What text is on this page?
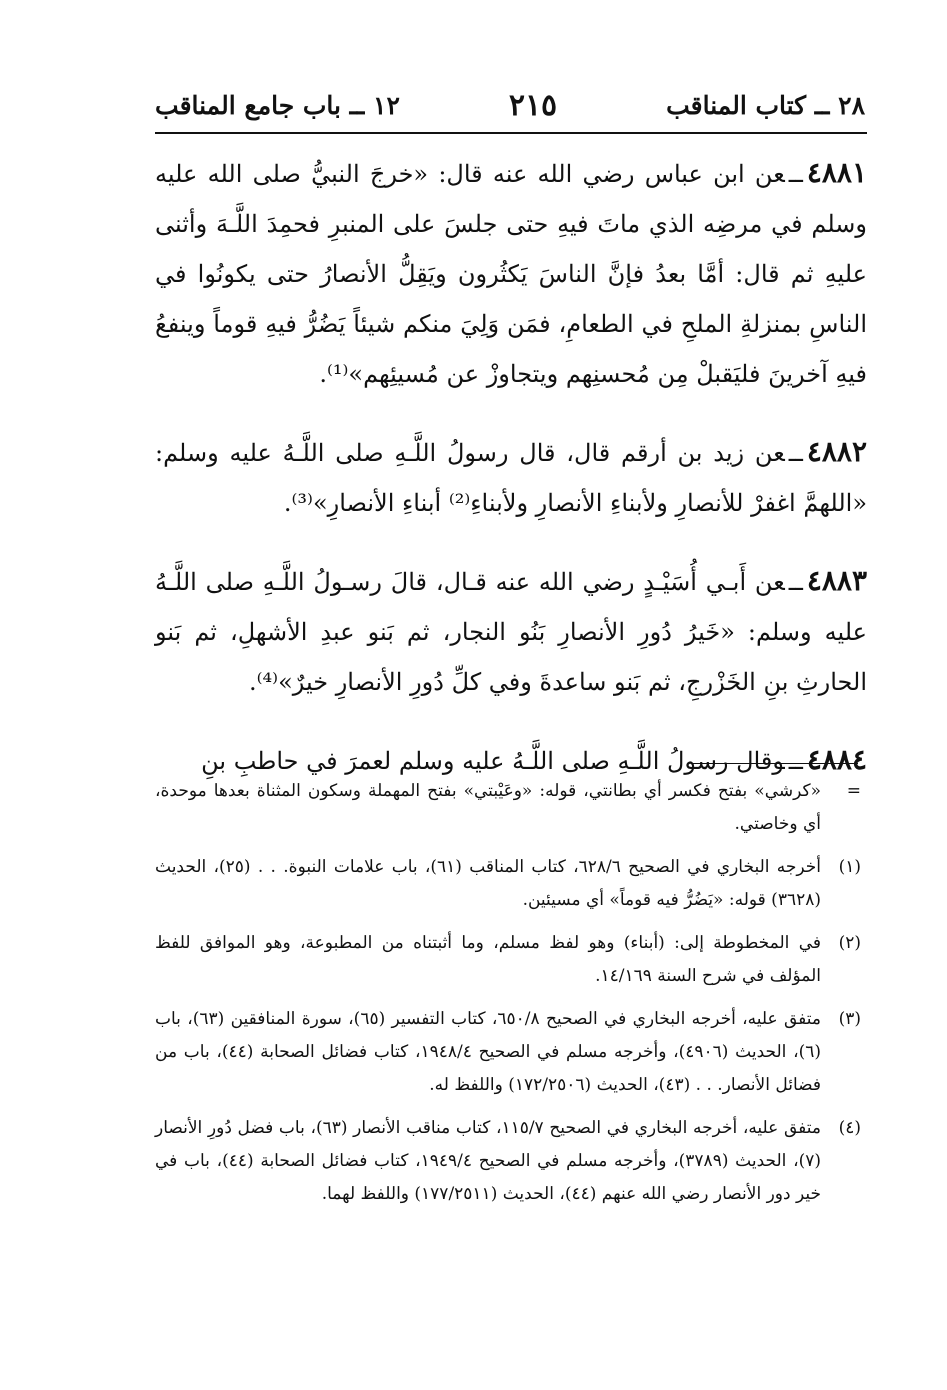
٢٨ ــ كتاب المناقب
٢١٥
١٢ ــ باب جامع المناقب

٤٨٨١ــعن ابن عباس رضي الله عنه قال: «خرجَ النبيُّ صلى الله عليه وسلم في مرضِه الذي ماتَ فيهِ حتى جلسَ على المنبرِ فحمِدَ اللَّـهَ وأثنى عليهِ ثم قال: أمَّا بعدُ فإنَّ الناسَ يَكثُرون ويَقِلُّ الأنصارُ حتى يكونُوا في الناسِ بمنزلةِ الملحِ في الطعامِ، فمَن وَلِيَ منكم شيئاً يَضُرُّ فيهِ قوماً وينفعُ فيهِ آخرينَ فليَقبلْ مِن مُحسنِهم ويتجاوزْ عن مُسيئِهم»⁽¹⁾.

٤٨٨٢ــعن زيد بن أرقم قال، قال رسولُ اللَّـهِ صلى اللَّـهُ عليه وسلم: «اللهمَّ اغفرْ للأنصارِ ولأبناءِ الأنصارِ ولأبناءِ⁽²⁾ أبناءِ الأنصارِ»⁽³⁾.

٤٨٨٣ــعن أَبـي أُسَيْـدٍ رضي الله عنه قـال، قالَ رسـولُ اللَّـهِ صلى اللَّـهُ عليه وسلم: «خَيرُ دُورِ الأنصارِ بَنُو النجار، ثم بَنو عبدِ الأشهلِ، ثم بَنو الحارثِ بنِ الخَزْرجِ، ثم بَنو ساعدةَ وفي كلِّ دُورِ الأنصارِ خيرٌ»⁽⁴⁾.

٤٨٨٤ــوقال رسولُ اللَّـهِ صلى اللَّـهُ عليه وسلم لعمرَ في حاطبِ بنِ

=
«كرشي» بفتح فكسر أي بطانتي، قوله: «وعَيْبتي» بفتح المهملة وسكون المثناة بعدها موحدة، أي وخاصتي.
(١)
أخرجه البخاري في الصحيح ٦٢٨/٦، كتاب المناقب (٦١)، باب علامات النبوة. . . (٢٥)، الحديث (٣٦٢٨) قوله: «يَضُرُّ فيه قوماً» أي مسيئين.
(٢)
في المخطوطة إلى: (أبناء) وهو لفظ مسلم، وما أثبتناه من المطبوعة، وهو الموافق للفظ المؤلف في شرح السنة ١٤/١٦٩.
(٣)
متفق عليه، أخرجه البخاري في الصحيح ٦٥٠/٨، كتاب التفسير (٦٥)، سورة المنافقين (٦٣)، باب (٦)، الحديث (٤٩٠٦)، وأخرجه مسلم في الصحيح ١٩٤٨/٤، كتاب فضائل الصحابة (٤٤)، باب من فضائل الأنصار. . . (٤٣)، الحديث (١٧٢/٢٥٠٦) واللفظ له.
(٤)
متفق عليه، أخرجه البخاري في الصحيح ١١٥/٧، كتاب مناقب الأنصار (٦٣)، باب فضل دُورِ الأنصار (٧)، الحديث (٣٧٨٩)، وأخرجه مسلم في الصحيح ١٩٤٩/٤، كتاب فضائل الصحابة (٤٤)، باب في خير دور الأنصار رضي الله عنهم (٤٤)، الحديث (١٧٧/٢٥١١) واللفظ لهما.
